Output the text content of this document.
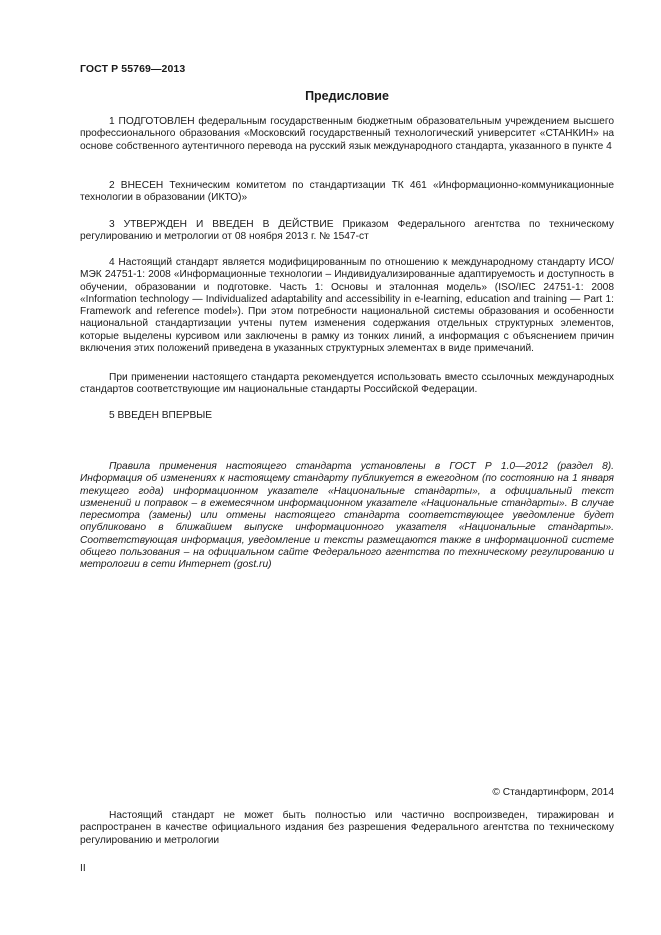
ГОСТ Р 55769—2013
Предисловие

1 ПОДГОТОВЛЕН федеральным государственным бюджетным образовательным учреждением высшего профессионального образования «Московский государственный технологический университет «СТАНКИН» на основе собственного аутентичного перевода на русский язык международного стандарта, указанного в пункте 4

2 ВНЕСЕН Техническим комитетом по стандартизации ТК 461 «Информационно-коммуникационные технологии в образовании (ИКТО)»

3 УТВЕРЖДЕН И ВВЕДЕН В ДЕЙСТВИЕ Приказом Федерального агентства по техническому регулированию и метрологии от 08 ноября 2013 г. № 1547-ст

4 Настоящий стандарт является модифицированным по отношению к международному стандарту ИСО/МЭК 24751-1: 2008 «Информационные технологии – Индивидуализированные адаптируемость и доступность в обучении, образовании и подготовке. Часть 1: Основы и эталонная модель» (ISO/IEC 24751-1: 2008 «Information technology — Individualized adaptability and accessibility in e-learning, education and training — Part 1: Framework and reference model»). При этом потребности национальной системы образования и особенности национальной стандартизации учтены путем изменения содержания отдельных структурных элементов, которые выделены курсивом или заключены в рамку из тонких линий, а информация с объяснением причин включения этих положений приведена в указанных структурных элементах в виде примечаний.

При применении настоящего стандарта рекомендуется использовать вместо ссылочных международных стандартов соответствующие им национальные стандарты Российской Федерации.

5 ВВЕДЕН ВПЕРВЫЕ

Правила применения настоящего стандарта установлены в ГОСТ Р 1.0—2012 (раздел 8). Информация об изменениях к настоящему стандарту публикуется в ежегодном (по состоянию на 1 января текущего года) информационном указателе «Национальные стандарты», а официальный текст изменений и поправок – в ежемесячном информационном указателе «Национальные стандарты». В случае пересмотра (замены) или отмены настоящего стандарта соответствующее уведомление будет опубликовано в ближайшем выпуске информационного указателя «Национальные стандарты». Соответствующая информация, уведомление и тексты размещаются также в информационной системе общего пользования – на официальном сайте Федерального агентства по техническому регулированию и метрологии в сети Интернет (gost.ru)

© Стандартинформ, 2014

Настоящий стандарт не может быть полностью или частично воспроизведен, тиражирован и распространен в качестве официального издания без разрешения Федерального агентства по техническому регулированию и метрологии

II
